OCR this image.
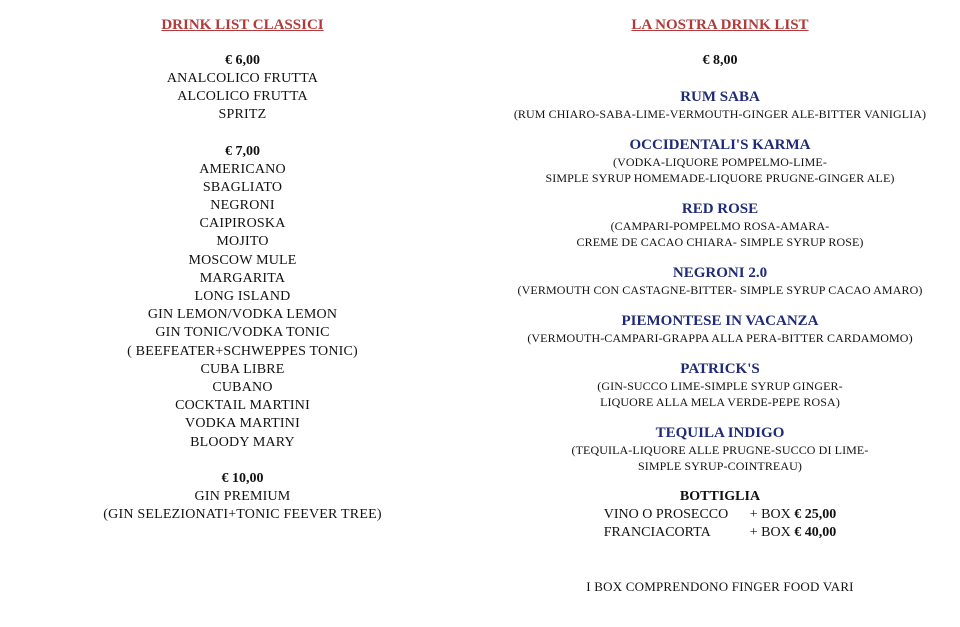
DRINK LIST CLASSICI
€ 6,00
ANALCOLICO FRUTTA
ALCOLICO FRUTTA
SPRITZ
€ 7,00
AMERICANO
SBAGLIATO
NEGRONI
CAIPIROSKA
MOJITO
MOSCOW MULE
MARGARITA
LONG ISLAND
GIN LEMON/VODKA LEMON
GIN TONIC/VODKA TONIC
( BEEFEATER+SCHWEPPES TONIC)
CUBA LIBRE
CUBANO
COCKTAIL MARTINI
VODKA MARTINI
BLOODY MARY
€ 10,00
GIN PREMIUM
(GIN SELEZIONATI+TONIC FEEVER TREE)
LA NOSTRA DRINK LIST
€ 8,00
RUM SABA
(RUM CHIARO-SABA-LIME-VERMOUTH-GINGER ALE-BITTER VANIGLIA)
OCCIDENTALI'S KARMA
(VODKA-LIQUORE POMPELMO-LIME-
SIMPLE SYRUP HOMEMADE-LIQUORE PRUGNE-GINGER ALE)
RED ROSE
(CAMPARI-POMPELMO ROSA-AMARA-
CREME DE CACAO CHIARA- SIMPLE SYRUP ROSE)
NEGRONI 2.0
(VERMOUTH CON CASTAGNE-BITTER- SIMPLE SYRUP CACAO AMARO)
PIEMONTESE IN VACANZA
(VERMOUTH-CAMPARI-GRAPPA ALLA PERA-BITTER CARDAMOMO)
PATRICK'S
(GIN-SUCCO LIME-SIMPLE SYRUP GINGER-
LIQUORE ALLA MELA VERDE-PEPE ROSA)
TEQUILA INDIGO
(TEQUILA-LIQUORE ALLE PRUGNE-SUCCO DI LIME-
SIMPLE SYRUP-COINTREAU)
BOTTIGLIA
VINO O PROSECCO + BOX € 25,00
FRANCIACORTA	+ BOX € 40,00
I BOX COMPRENDONO FINGER FOOD VARI
